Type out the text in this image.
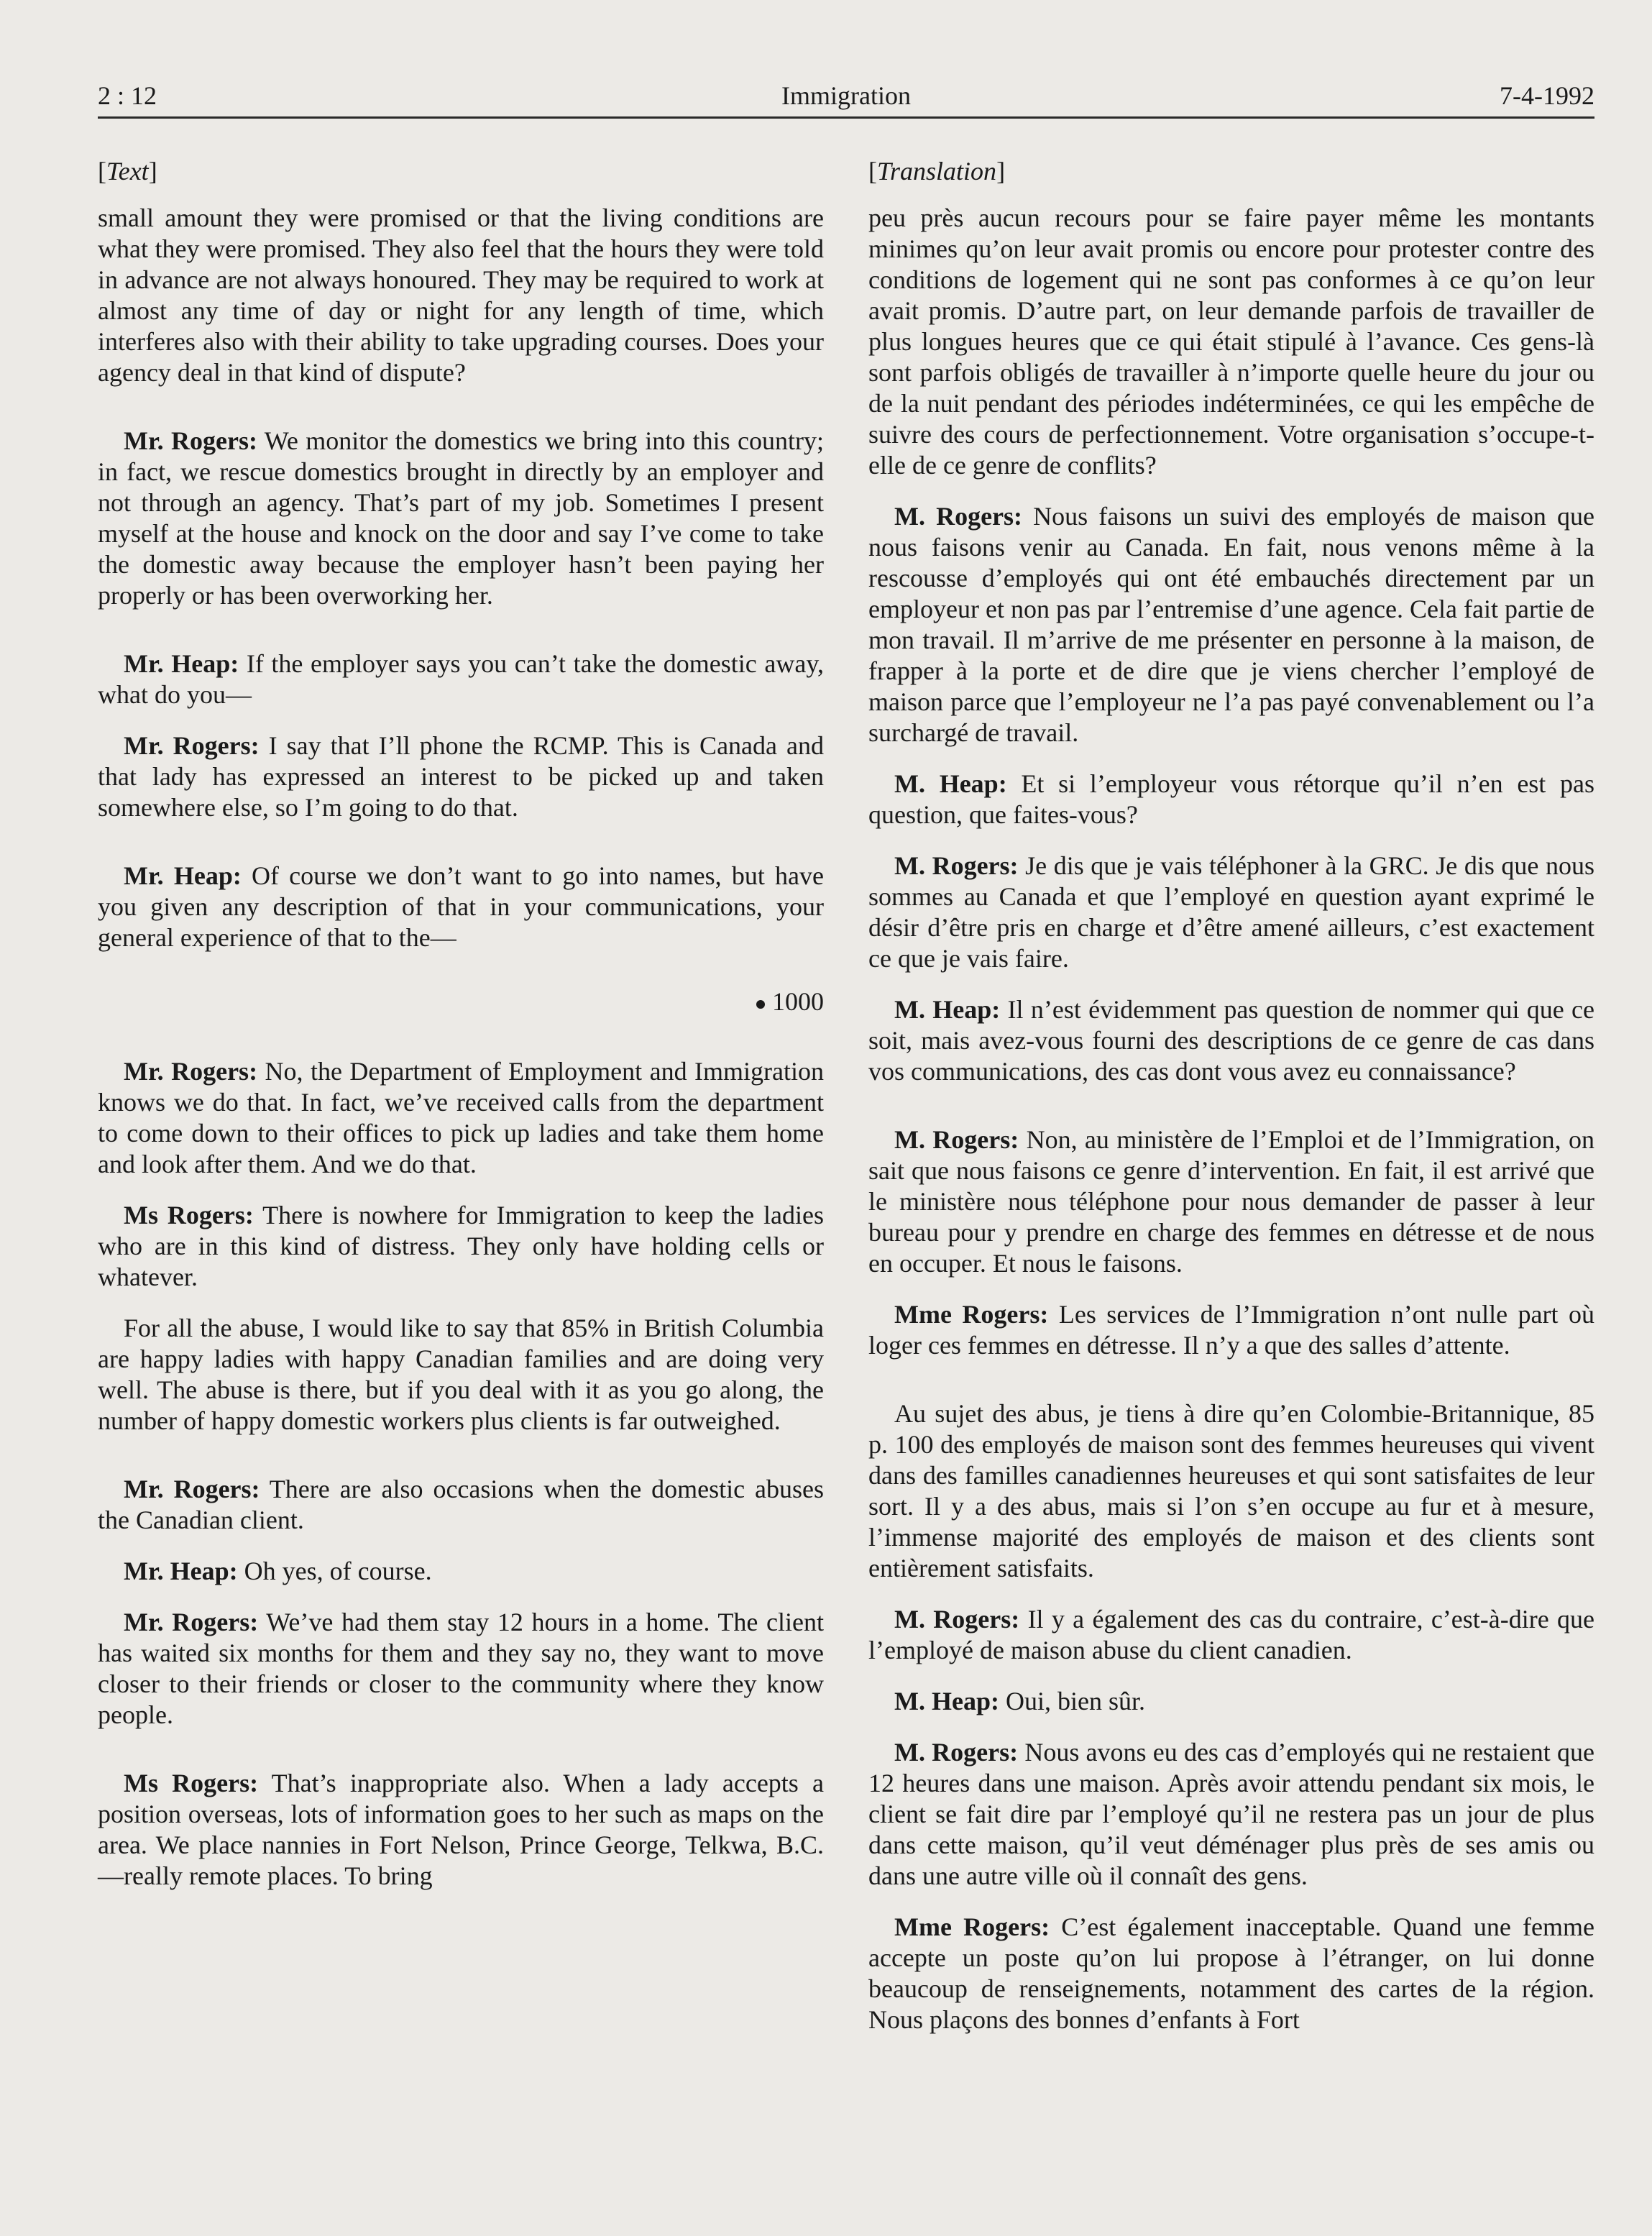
2 : 12	Immigration	7-4-1992
[Text]

small amount they were promised or that the living conditions are what they were promised. They also feel that the hours they were told in advance are not always honoured. They may be required to work at almost any time of day or night for any length of time, which interferes also with their ability to take upgrading courses. Does your agency deal in that kind of dispute?

Mr. Rogers: We monitor the domestics we bring into this country; in fact, we rescue domestics brought in directly by an employer and not through an agency. That’s part of my job. Sometimes I present myself at the house and knock on the door and say I’ve come to take the domestic away because the employer hasn’t been paying her properly or has been overworking her.

Mr. Heap: If the employer says you can’t take the domestic away, what do you—

Mr. Rogers: I say that I’ll phone the RCMP. This is Canada and that lady has expressed an interest to be picked up and taken somewhere else, so I’m going to do that.

Mr. Heap: Of course we don’t want to go into names, but have you given any description of that in your communications, your general experience of that to the—

1000

Mr. Rogers: No, the Department of Employment and Immigration knows we do that. In fact, we’ve received calls from the department to come down to their offices to pick up ladies and take them home and look after them. And we do that.

Ms Rogers: There is nowhere for Immigration to keep the ladies who are in this kind of distress. They only have holding cells or whatever.

For all the abuse, I would like to say that 85% in British Columbia are happy ladies with happy Canadian families and are doing very well. The abuse is there, but if you deal with it as you go along, the number of happy domestic workers plus clients is far outweighed.

Mr. Rogers: There are also occasions when the domestic abuses the Canadian client.

Mr. Heap: Oh yes, of course.

Mr. Rogers: We’ve had them stay 12 hours in a home. The client has waited six months for them and they say no, they want to move closer to their friends or closer to the community where they know people.

Ms Rogers: That’s inappropriate also. When a lady accepts a position overseas, lots of information goes to her such as maps on the area. We place nannies in Fort Nelson, Prince George, Telkwa, B.C.—really remote places. To bring

[Translation]

peu près aucun recours pour se faire payer même les montants minimes qu’on leur avait promis ou encore pour protester contre des conditions de logement qui ne sont pas conformes à ce qu’on leur avait promis. D’autre part, on leur demande parfois de travailler de plus longues heures que ce qui était stipulé à l’avance. Ces gens-là sont parfois obligés de travailler à n’importe quelle heure du jour ou de la nuit pendant des périodes indéterminées, ce qui les empêche de suivre des cours de perfectionnement. Votre organisation s’occupe-t-elle de ce genre de conflits?

M. Rogers: Nous faisons un suivi des employés de maison que nous faisons venir au Canada. En fait, nous venons même à la rescousse d’employés qui ont été embauchés directement par un employeur et non pas par l’entremise d’une agence. Cela fait partie de mon travail. Il m’arrive de me présenter en personne à la maison, de frapper à la porte et de dire que je viens chercher l’employé de maison parce que l’employeur ne l’a pas payé convenablement ou l’a surchargé de travail.

M. Heap: Et si l’employeur vous rétorque qu’il n’en est pas question, que faites-vous?

M. Rogers: Je dis que je vais téléphoner à la GRC. Je dis que nous sommes au Canada et que l’employé en question ayant exprimé le désir d’être pris en charge et d’être amené ailleurs, c’est exactement ce que je vais faire.

M. Heap: Il n’est évidemment pas question de nommer qui que ce soit, mais avez-vous fourni des descriptions de ce genre de cas dans vos communications, des cas dont vous avez eu connaissance?

M. Rogers: Non, au ministère de l’Emploi et de l’Immigration, on sait que nous faisons ce genre d’intervention. En fait, il est arrivé que le ministère nous téléphone pour nous demander de passer à leur bureau pour y prendre en charge des femmes en détresse et de nous en occuper. Et nous le faisons.

Mme Rogers: Les services de l’Immigration n’ont nulle part où loger ces femmes en détresse. Il n’y a que des salles d’attente.

Au sujet des abus, je tiens à dire qu’en Colombie-Britannique, 85 p. 100 des employés de maison sont des femmes heureuses qui vivent dans des familles canadiennes heureuses et qui sont satisfaites de leur sort. Il y a des abus, mais si l’on s’en occupe au fur et à mesure, l’immense majorité des employés de maison et des clients sont entièrement satisfaits.

M. Rogers: Il y a également des cas du contraire, c’est-à-dire que l’employé de maison abuse du client canadien.

M. Heap: Oui, bien sûr.

M. Rogers: Nous avons eu des cas d’employés qui ne restaient que 12 heures dans une maison. Après avoir attendu pendant six mois, le client se fait dire par l’employé qu’il ne restera pas un jour de plus dans cette maison, qu’il veut déménager plus près de ses amis ou dans une autre ville où il connaît des gens.

Mme Rogers: C’est également inacceptable. Quand une femme accepte un poste qu’on lui propose à l’étranger, on lui donne beaucoup de renseignements, notamment des cartes de la région. Nous plaçons des bonnes d’enfants à Fort
